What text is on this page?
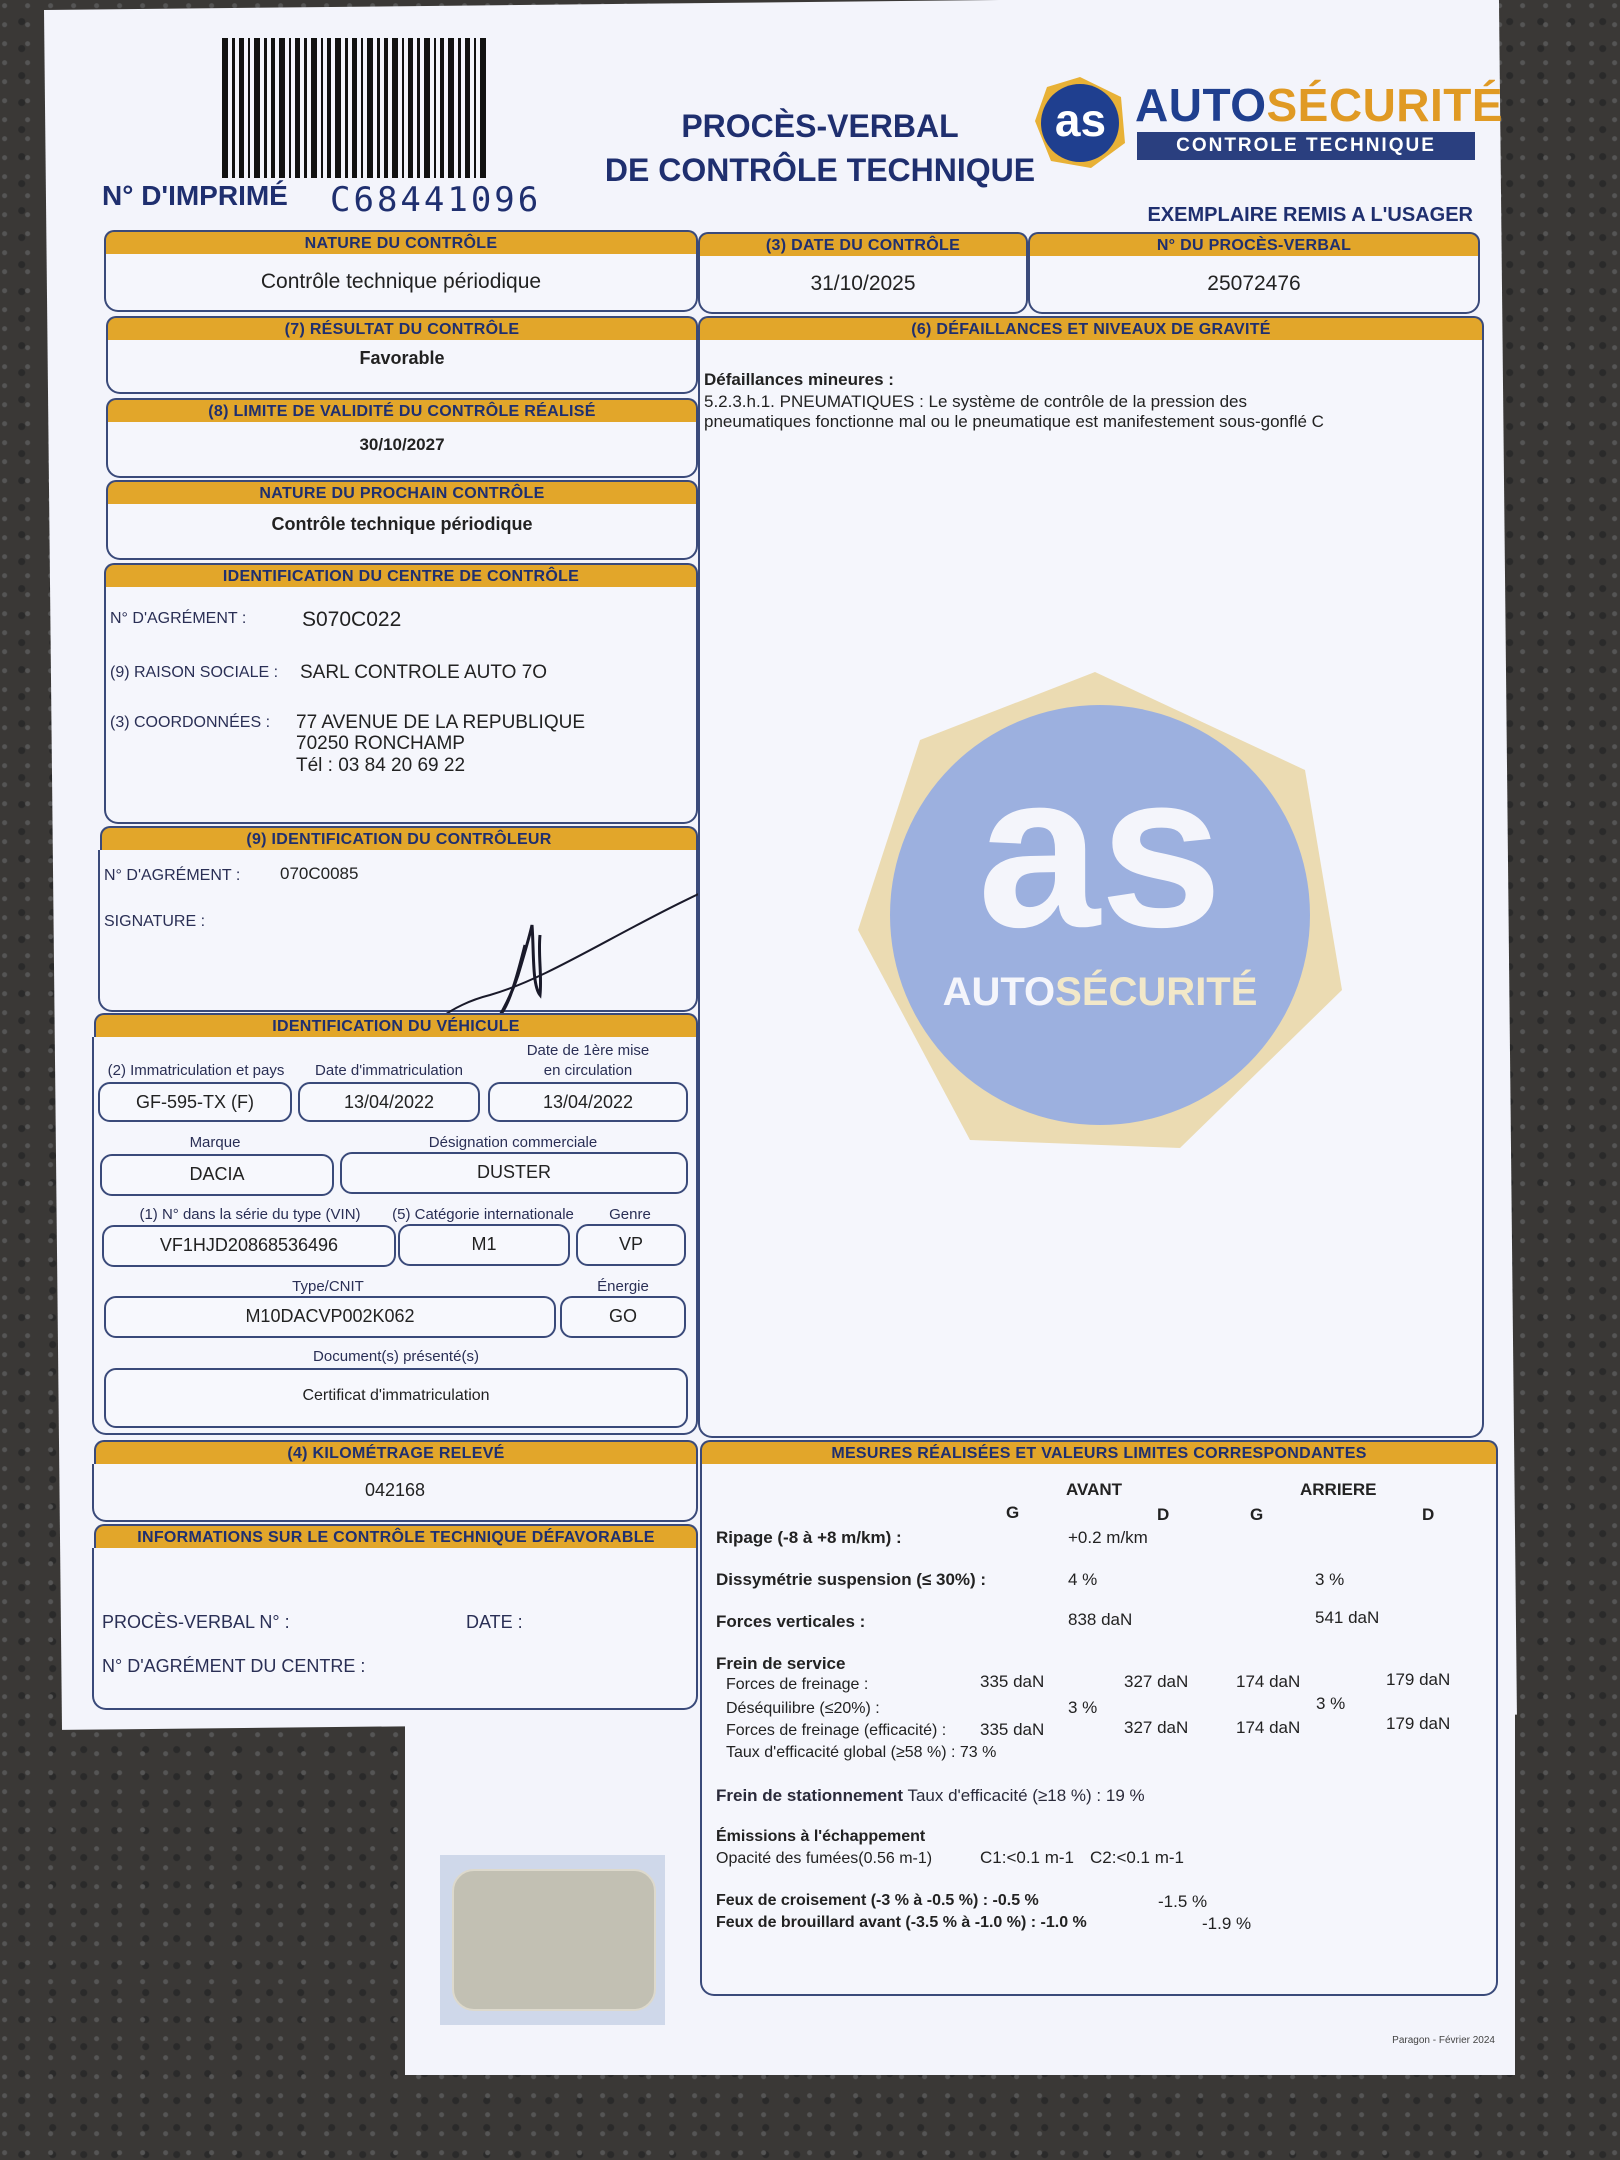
N° D'IMPRIMÉ C68441096
PROCÈS-VERBAL
DE CONTRÔLE TECHNIQUE
as AUTOSÉCURITÉ
CONTROLE TECHNIQUE
EXEMPLAIRE REMIS A L'USAGER
NATURE DU CONTRÔLE
Contrôle technique périodique
(3) DATE DU CONTRÔLE
31/10/2025
N° DU PROCÈS-VERBAL
25072476
(7) RÉSULTAT DU CONTRÔLE
Favorable
(8) LIMITE DE VALIDITÉ DU CONTRÔLE RÉALISÉ
30/10/2027
NATURE DU PROCHAIN CONTRÔLE
Contrôle technique périodique
IDENTIFICATION DU CENTRE DE CONTRÔLE
N° D'AGRÉMENT :	S070C022
(9) RAISON SOCIALE : SARL CONTROLE AUTO 7O
(3) COORDONNÉES : 77 AVENUE DE LA REPUBLIQUE
70250 RONCHAMP
Tél : 03 84 20 69 22
(9) IDENTIFICATION DU CONTRÔLEUR
N° D'AGRÉMENT : 070C0085
SIGNATURE :
IDENTIFICATION DU VÉHICULE
(2) Immatriculation et pays
GF-595-TX (F)
Date d'immatriculation
13/04/2022
Date de 1ère mise
en circulation
13/04/2022
Marque
DACIA
Désignation commerciale
DUSTER
(1) N° dans la série du type (VIN)
VF1HJD20868536496
(5) Catégorie internationale
M1
Genre
VP
Type/CNIT
M10DACVP002K062
Énergie
GO
Document(s) présenté(s)
Certificat d'immatriculation
(4) KILOMÉTRAGE RELEVÉ
042168
INFORMATIONS SUR LE CONTRÔLE TECHNIQUE DÉFAVORABLE
PROCÈS-VERBAL N° :	DATE :
N° D'AGRÉMENT DU CENTRE :
(6) DÉFAILLANCES ET NIVEAUX DE GRAVITÉ
Défaillances mineures :
5.2.3.h.1. PNEUMATIQUES : Le système de contrôle de la pression des
pneumatiques fonctionne mal ou le pneumatique est manifestement sous-gonflé C
as
AUTOSÉCURITÉ
MESURES RÉALISÉES ET VALEURS LIMITES CORRESPONDANTES
AVANT	ARRIERE
G	D	G	D
Ripage (-8 à +8 m/km) :	+0.2 m/km
Dissymétrie suspension (≤ 30%) :	4 %	3 %
Forces verticales :	838 daN	541 daN
Frein de service
Forces de freinage :	335 daN	327 daN	174 daN	179 daN
Déséquilibre (≤20%) :	3 %	3 %
Forces de freinage (efficacité) : 335 daN	327 daN	174 daN	179 daN
Taux d'efficacité global (≥58 %) : 73 %
Frein de stationnement Taux d'efficacité (≥18 %) : 19 %
Émissions à l'échappement
Opacité des fumées(0.56 m-1)	C1:<0.1 m-1 C2:<0.1 m-1
Feux de croisement (-3 % à -0.5 %) : -0.5 %	-1.5 %
Feux de brouillard avant (-3.5 % à -1.0 %) : -1.0 %	-1.9 %
Paragon - Février 2024
